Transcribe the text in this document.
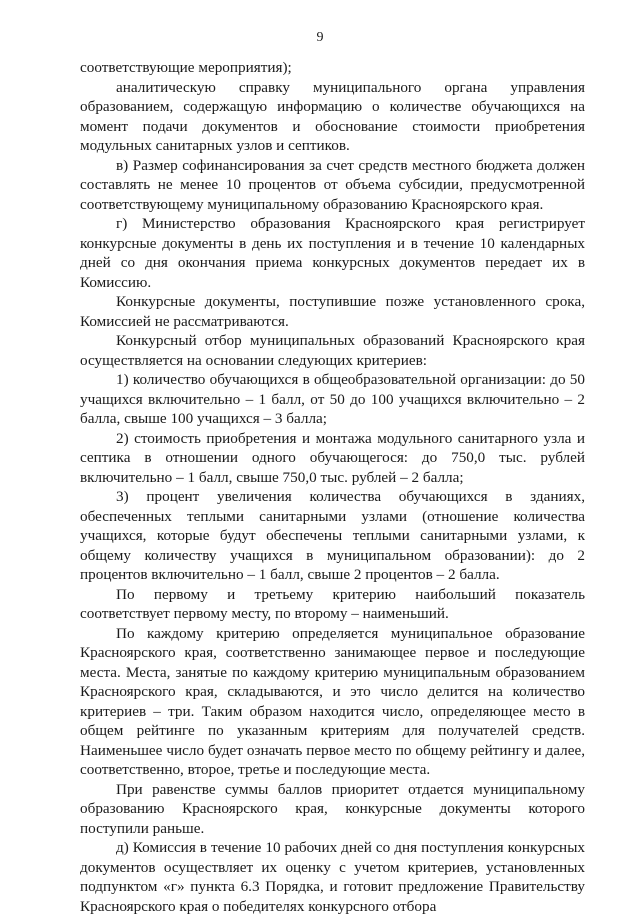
9

соответствующие мероприятия);

аналитическую справку муниципального органа управления образованием, содержащую информацию о количестве обучающихся на момент подачи документов и обоснование стоимости приобретения модульных санитарных узлов и септиков.

в) Размер софинансирования за счет средств местного бюджета должен составлять не менее 10 процентов от объема субсидии, предусмотренной соответствующему муниципальному образованию Красноярского края.

г) Министерство образования Красноярского края регистрирует конкурсные документы в день их поступления и в течение 10 календарных дней со дня окончания приема конкурсных документов передает их в Комиссию.

Конкурсные документы, поступившие позже установленного срока, Комиссией не рассматриваются.

Конкурсный отбор муниципальных образований Красноярского края осуществляется на основании следующих критериев:

1) количество обучающихся в общеобразовательной организации: до 50 учащихся включительно – 1 балл, от 50 до 100 учащихся включительно – 2 балла, свыше 100 учащихся – 3 балла;

2) стоимость приобретения и монтажа модульного санитарного узла и септика в отношении одного обучающегося: до 750,0 тыс. рублей включительно – 1 балл, свыше 750,0 тыс. рублей – 2 балла;

3) процент увеличения количества обучающихся в зданиях, обеспеченных теплыми санитарными узлами (отношение количества учащихся, которые будут обеспечены теплыми санитарными узлами, к общему количеству учащихся в муниципальном образовании): до 2 процентов включительно – 1 балл, свыше 2 процентов – 2 балла.

По первому и третьему критерию наибольший показатель соответствует первому месту, по второму – наименьший.

По каждому критерию определяется муниципальное образование Красноярского края, соответственно занимающее первое и последующие места. Места, занятые по каждому критерию муниципальным образованием Красноярского края, складываются, и это число делится на количество критериев – три. Таким образом находится число, определяющее место в общем рейтинге по указанным критериям для получателей средств. Наименьшее число будет означать первое место по общему рейтингу и далее, соответственно, второе, третье и последующие места.

При равенстве суммы баллов приоритет отдается муниципальному образованию Красноярского края, конкурсные документы которого поступили раньше.

д) Комиссия в течение 10 рабочих дней со дня поступления конкурсных документов осуществляет их оценку с учетом критериев, установленных подпунктом «г» пункта 6.3 Порядка, и готовит предложение Правительству Красноярского края о победителях конкурсного отбора
